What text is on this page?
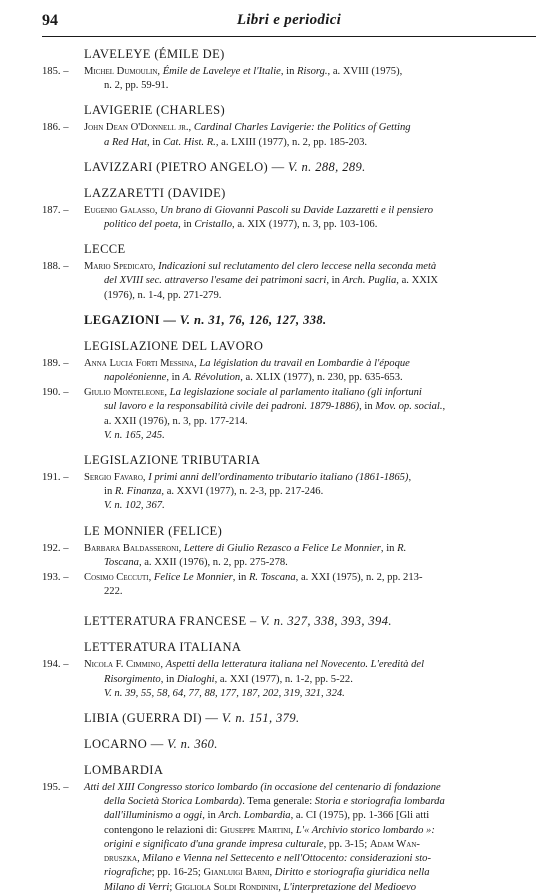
94	Libri e periodici
LAVELEYE (ÉMILE DE)
185. –	Michel Dumoulin, Émile de Laveleye et l'Italie, in Risorg., a. XVIII (1975),
n. 2, pp. 59-91.
LAVIGERIE (CHARLES)
186. –	John Dean O'Donnell jr., Cardinal Charles Lavigerie: the Politics of Getting
a Red Hat, in Cat. Hist. R., a. LXIII (1977), n. 2, pp. 185-203.
LAVIZZARI (PIETRO ANGELO) — V. n. 288, 289.
LAZZARETTI (DAVIDE)
187. –	Eugenio Galasso, Un brano di Giovanni Pascoli su Davide Lazzaretti e il pensiero
politico del poeta, in Cristallo, a. XIX (1977), n. 3, pp. 103-106.
LECCE
188. –	Mario Spedicato, Indicazioni sul reclutamento del clero leccese nella seconda metà
del XVIII sec. attraverso l'esame dei patrimoni sacri, in Arch. Puglia, a. XXIX
(1976), n. 1-4, pp. 271-279.
LEGAZIONI — V. n. 31, 76, 126, 127, 338.
LEGISLAZIONE DEL LAVORO
189. –	Anna Lucia Forti Messina, La législation du travail en Lombardie à l'époque
napoléonienne, in A. Révolution, a. XLIX (1977), n. 230, pp. 635-653.
190. –	Giulio Monteleone, La legislazione sociale al parlamento italiano (gli infortuni
sul lavoro e la responsabilità civile dei padroni. 1879-1886), in Mov. op. social.,
a. XXII (1976), n. 3, pp. 177-214.
V. n. 165, 245.
LEGISLAZIONE TRIBUTARIA
191. –	Sergio Favaro, I primi anni dell'ordinamento tributario italiano (1861-1865),
in R. Finanza, a. XXVI (1977), n. 2-3, pp. 217-246.
V. n. 102, 367.
LE MONNIER (FELICE)
192. –	Barbara Baldasseroni, Lettere di Giulio Rezasco a Felice Le Monnier, in R.
Toscana, a. XXII (1976), n. 2, pp. 275-278.
193. –	Cosimo Ceccuti, Felice Le Monnier, in R. Toscana, a. XXI (1975), n. 2, pp. 213-
222.
LETTERATURA FRANCESE – V. n. 327, 338, 393, 394.
LETTERATURA ITALIANA
194. –	Nicola F. Cimmino, Aspetti della letteratura italiana nel Novecento. L'eredità del
Risorgimento, in Dialoghi, a. XXI (1977), n. 1-2, pp. 5-22.
V. n. 39, 55, 58, 64, 77, 88, 177, 187, 202, 319, 321, 324.
LIBIA (GUERRA DI) — V. n. 151, 379.
LOCARNO — V. n. 360.
LOMBARDIA
195. –	Atti del XIII Congresso storico lombardo (in occasione del centenario di fondazione
della Società Storica Lombarda). Tema generale: Storia e storiografia lombarda
dall'illuminismo a oggi, in Arch. Lombardia, a. CI (1975), pp. 1-366 [Gli atti
contengono le relazioni di: Giuseppe Martini, L'« Archivio storico lombardo »:
origini e significato d'una grande impresa culturale, pp. 3-15; Adam Wan-
druszka, Milano e Vienna nel Settecento e nell'Ottocento: considerazioni sto-
riografiche; pp. 16-25; Gianluigi Barni, Diritto e storiografia giuridica nella
Milano di Verri; Gigliola Soldi Rondinini, L'interpretazione del Medioevo
